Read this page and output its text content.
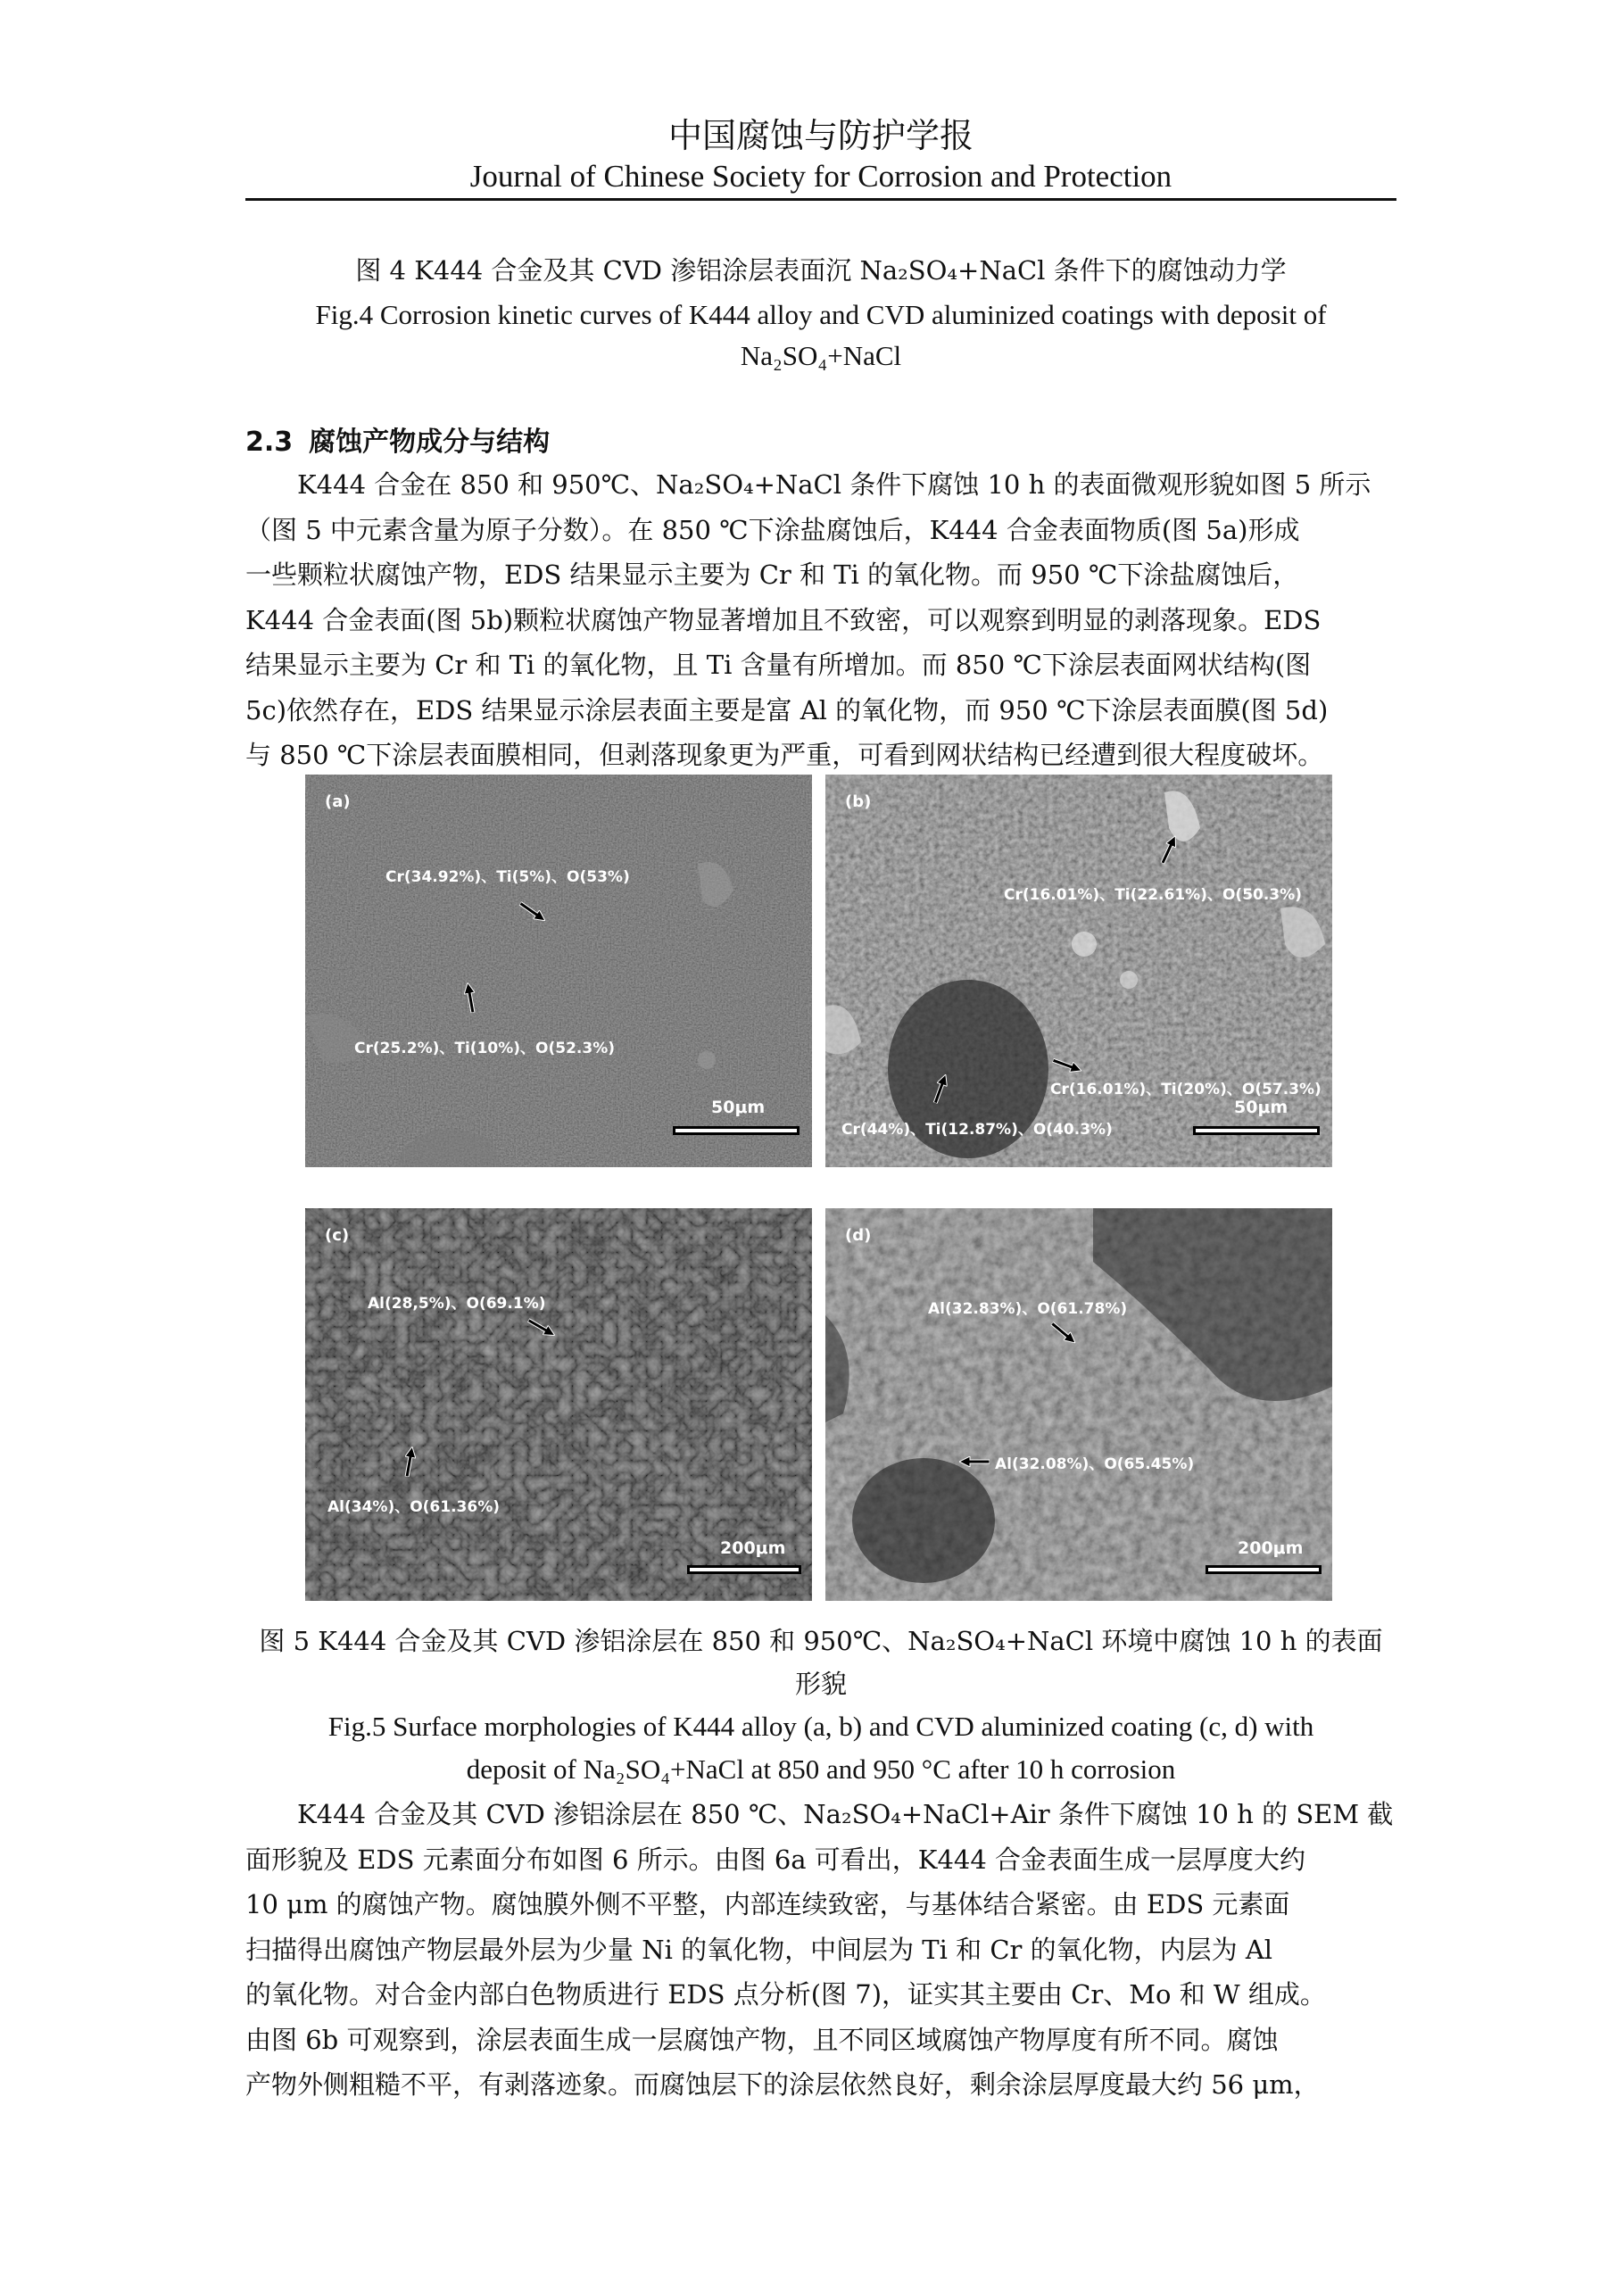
中国腐蚀与防护学报
Journal of Chinese Society for Corrosion and Protection
图 4 K444 合金及其 CVD 渗铝涂层表面沉 Na₂SO₄+NaCl 条件下的腐蚀动力学
Fig.4 Corrosion kinetic curves of K444 alloy and CVD aluminized coatings with deposit of
Na₂SO₄+NaCl
2.3 腐蚀产物成分与结构
K444 合金在 850 和 950℃、Na₂SO₄+NaCl 条件下腐蚀 10 h 的表面微观形貌如图 5 所示
（图 5 中元素含量为原子分数）。在 850 ℃下涂盐腐蚀后，K444 合金表面物质(图 5a)形成
一些颗粒状腐蚀产物，EDS 结果显示主要为 Cr 和 Ti 的氧化物。而 950 ℃下涂盐腐蚀后，
K444 合金表面(图 5b)颗粒状腐蚀产物显著增加且不致密，可以观察到明显的剥落现象。EDS
结果显示主要为 Cr 和 Ti 的氧化物，且 Ti 含量有所增加。而 850 ℃下涂层表面网状结构(图
5c)依然存在，EDS 结果显示涂层表面主要是富 Al 的氧化物，而 950 ℃下涂层表面膜(图 5d)
与 850 ℃下涂层表面膜相同，但剥落现象更为严重，可看到网状结构已经遭到很大程度破坏。
(a)
Cr(34.92%)、Ti(5%)、O(53%)
Cr(25.2%)、Ti(10%)、O(52.3%)
50μm
(b)
Cr(16.01%)、Ti(22.61%)、O(50.3%)
Cr(16.01%)、Ti(20%)、O(57.3%)
Cr(44%)、Ti(12.87%)、O(40.3%)
50μm
(c)
Al(28,5%)、O(69.1%)
Al(34%)、O(61.36%)
200μm
(d)
Al(32.83%)、O(61.78%)
Al(32.08%)、O(65.45%)
200μm
图 5 K444 合金及其 CVD 渗铝涂层在 850 和 950℃、Na₂SO₄+NaCl 环境中腐蚀 10 h 的表面
形貌
Fig.5 Surface morphologies of K444 alloy (a, b) and CVD aluminized coating (c, d) with
deposit of Na₂SO₄+NaCl at 850 and 950 °C after 10 h corrosion
K444 合金及其 CVD 渗铝涂层在 850 ℃、Na₂SO₄+NaCl+Air 条件下腐蚀 10 h 的 SEM 截
面形貌及 EDS 元素面分布如图 6 所示。由图 6a 可看出，K444 合金表面生成一层厚度大约
10 μm 的腐蚀产物。腐蚀膜外侧不平整，内部连续致密，与基体结合紧密。由 EDS 元素面
扫描得出腐蚀产物层最外层为少量 Ni 的氧化物，中间层为 Ti 和 Cr 的氧化物，内层为 Al
的氧化物。对合金内部白色物质进行 EDS 点分析(图 7)，证实其主要由 Cr、Mo 和 W 组成。
由图 6b 可观察到，涂层表面生成一层腐蚀产物，且不同区域腐蚀产物厚度有所不同。腐蚀
产物外侧粗糙不平，有剥落迹象。而腐蚀层下的涂层依然良好，剩余涂层厚度最大约 56 μm，
